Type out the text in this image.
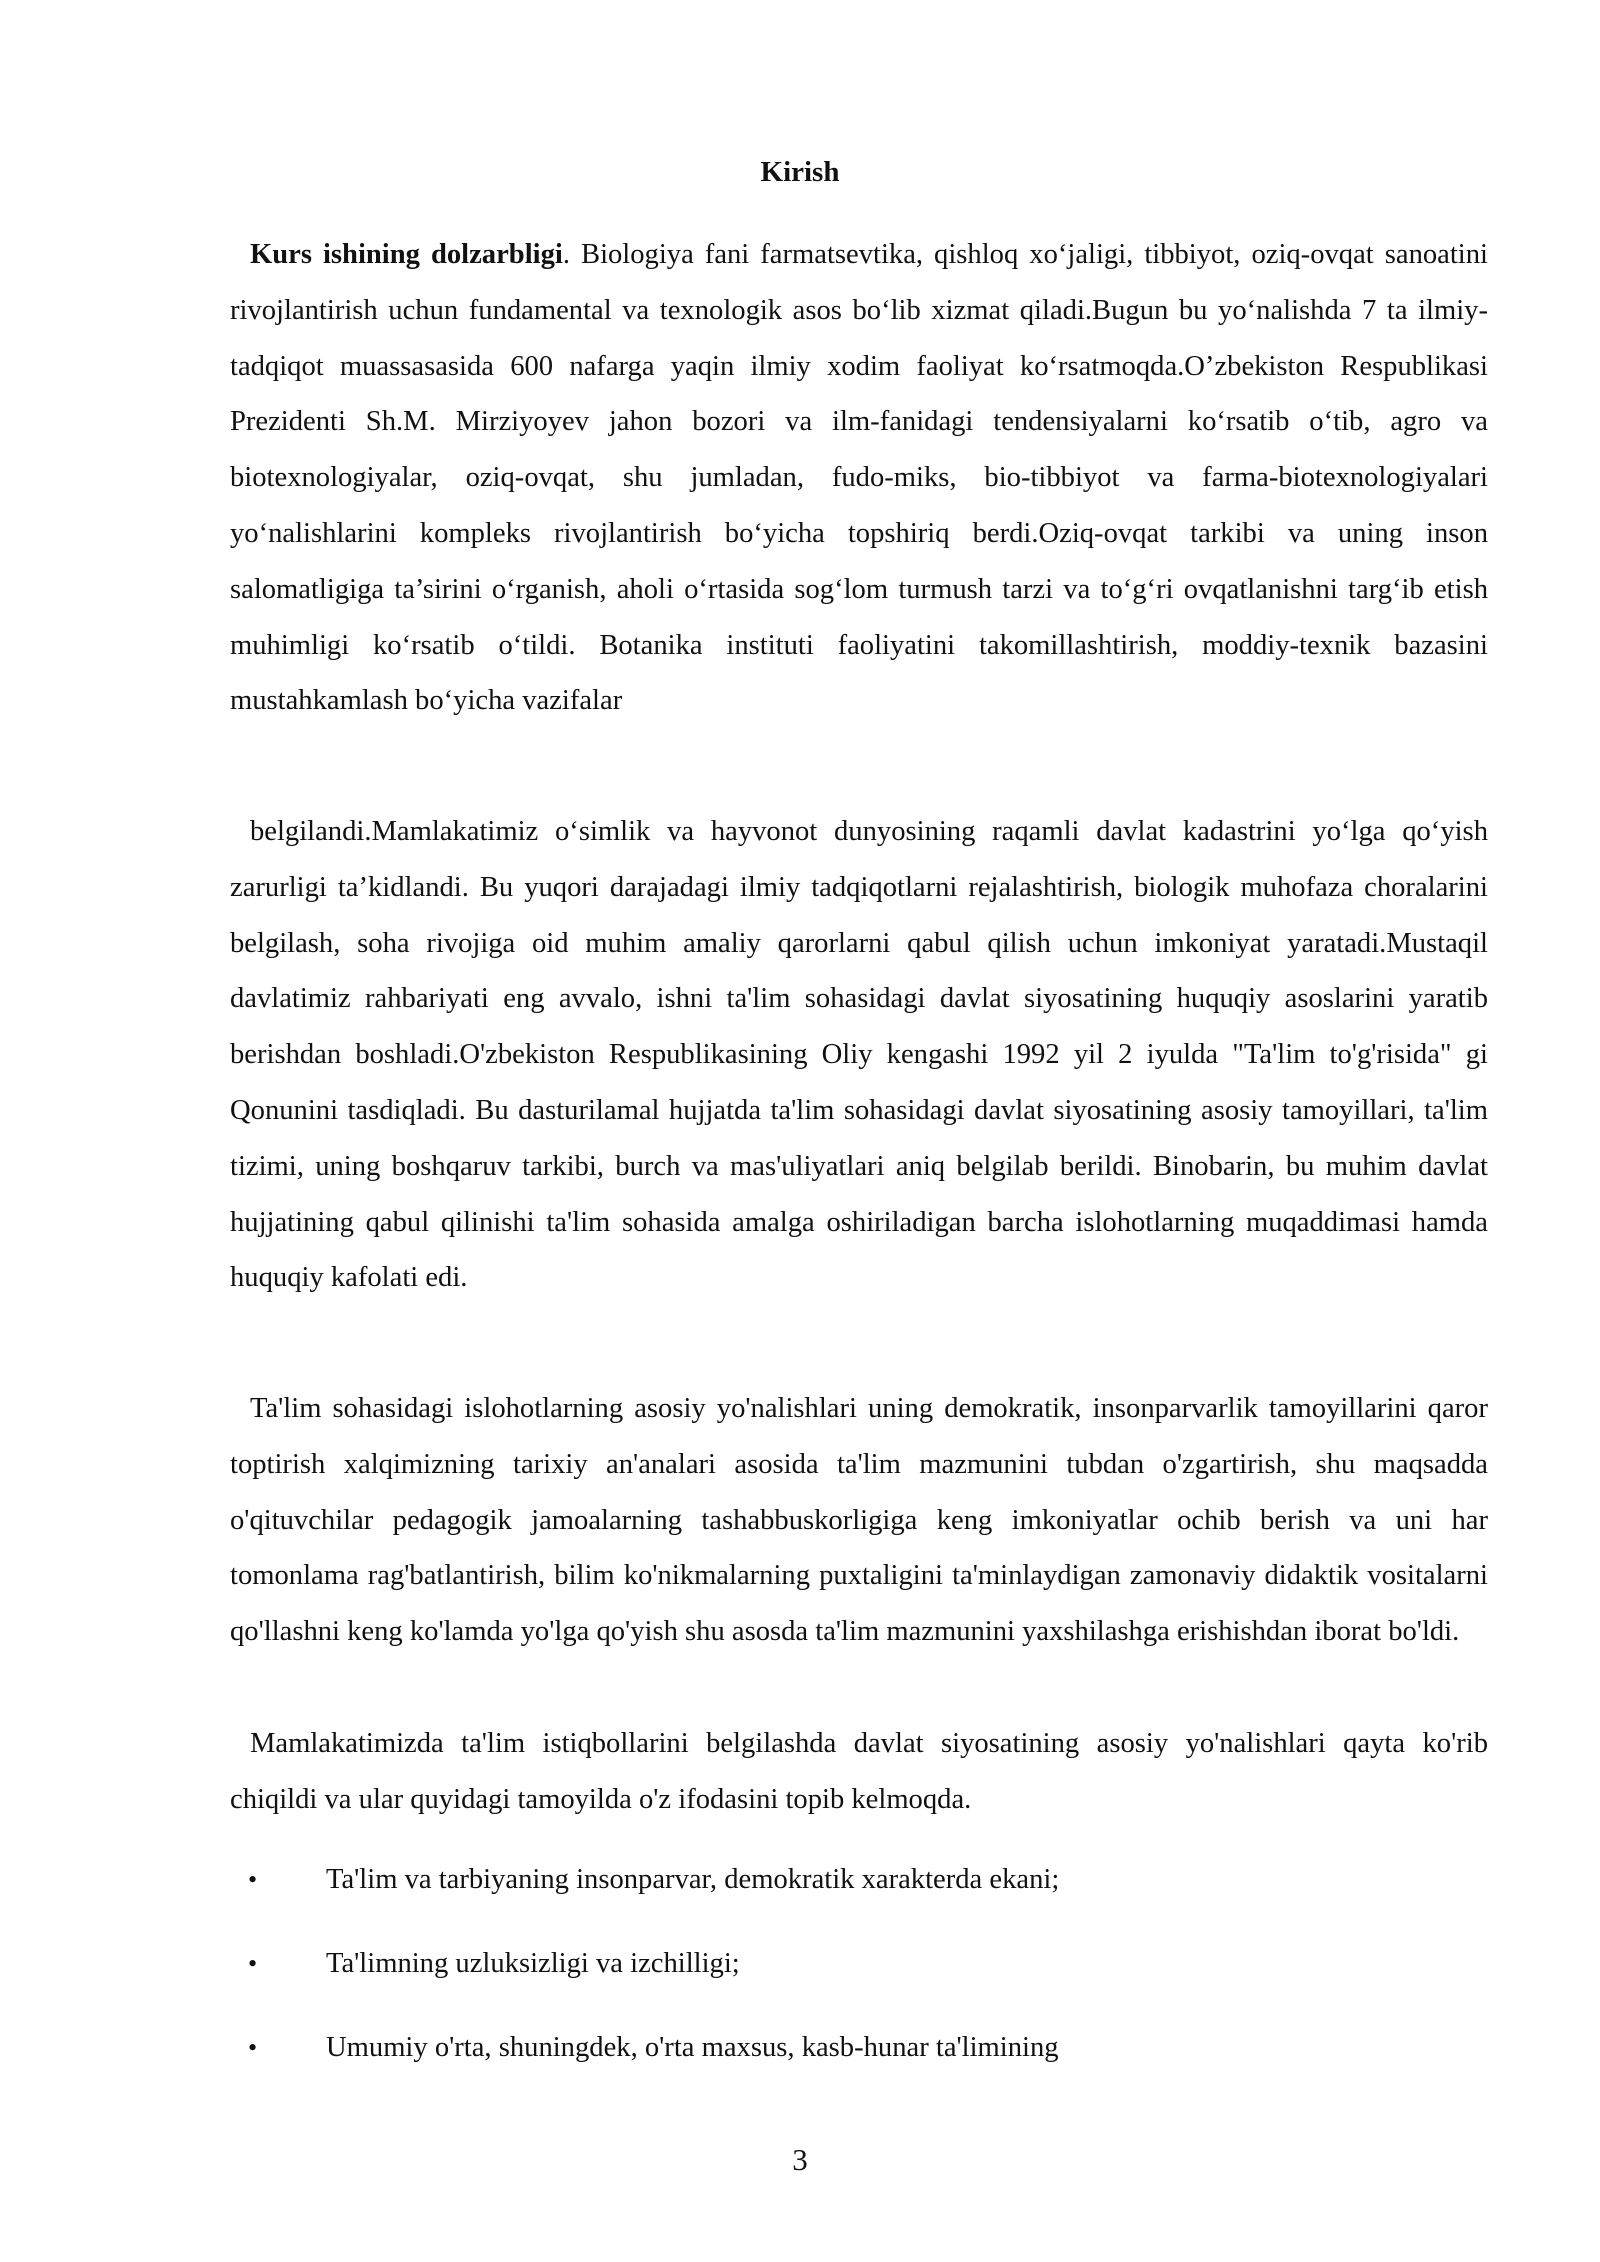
Kirish

Kurs ishining dolzarbligi. Biologiya fani farmatsevtika, qishloq xo‘jaligi, tibbiyot, oziq-ovqat sanoatini rivojlantirish uchun fundamental va texnologik asos bo‘lib xizmat qiladi.Bugun bu yo‘nalishda 7 ta ilmiy-tadqiqot muassasasida 600 nafarga yaqin ilmiy xodim faoliyat ko‘rsatmoqda.O’zbekiston Respublikasi Prezidenti Sh.M. Mirziyoyev jahon bozori va ilm-fanidagi tendensiyalarni ko‘rsatib o‘tib, agro va biotexnologiyalar, oziq-ovqat, shu jumladan, fudo-miks, bio-tibbiyot va farma-biotexnologiyalari yo‘nalishlarini kompleks rivojlantirish bo‘yicha topshiriq berdi.Oziq-ovqat tarkibi va uning inson salomatligiga ta’sirini o‘rganish, aholi o‘rtasida sog‘lom turmush tarzi va to‘g‘ri ovqatlanishni targ‘ib etish muhimligi ko‘rsatib o‘tildi. Botanika instituti faoliyatini takomillashtirish, moddiy-texnik bazasini mustahkamlash bo‘yicha vazifalar

belgilandi.Mamlakatimiz o‘simlik va hayvonot dunyosining raqamli davlat kadastrini yo‘lga qo‘yish zarurligi ta’kidlandi. Bu yuqori darajadagi ilmiy tadqiqotlarni rejalashtirish, biologik muhofaza choralarini belgilash, soha rivojiga oid muhim amaliy qarorlarni qabul qilish uchun imkoniyat yaratadi.Mustaqil davlatimiz rahbariyati eng avvalo, ishni ta'lim sohasidagi davlat siyosatining huquqiy asoslarini yaratib berishdan boshladi.O'zbekiston Respublikasining Oliy kengashi 1992 yil 2 iyulda "Ta'lim to'g'risida" gi Qonunini tasdiqladi. Bu dasturilamal hujjatda ta'lim sohasidagi davlat siyosatining asosiy tamoyillari, ta'lim tizimi, uning boshqaruv tarkibi, burch va mas'uliyatlari aniq belgilab berildi. Binobarin, bu muhim davlat hujjatining qabul qilinishi ta'lim sohasida amalga oshiriladigan barcha islohotlarning muqaddimasi hamda huquqiy kafolati edi.

Ta'lim sohasidagi islohotlarning asosiy yo'nalishlari uning demokratik, insonparvarlik tamoyillarini qaror toptirish xalqimizning tarixiy an'analari asosida ta'lim mazmunini tubdan o'zgartirish, shu maqsadda o'qituvchilar pedagogik jamoalarning tashabbuskorligiga keng imkoniyatlar ochib berish va uni har tomonlama rag'batlantirish, bilim ko'nikmalarning puxtaligini ta'minlaydigan zamonaviy didaktik vositalarni qo'llashni keng ko'lamda yo'lga qo'yish shu asosda ta'lim mazmunini yaxshilashga erishishdan iborat bo'ldi.

Mamlakatimizda ta'lim istiqbollarini belgilashda davlat siyosatining asosiy yo'nalishlari qayta ko'rib chiqildi va ular quyidagi tamoyilda o'z ifodasini topib kelmoqda.

• Ta'lim va tarbiyaning insonparvar, demokratik xarakterda ekani;
• Ta'limning uzluksizligi va izchilligi;
• Umumiy o'rta, shuningdek, o'rta maxsus, kasb-hunar ta'limining
3
